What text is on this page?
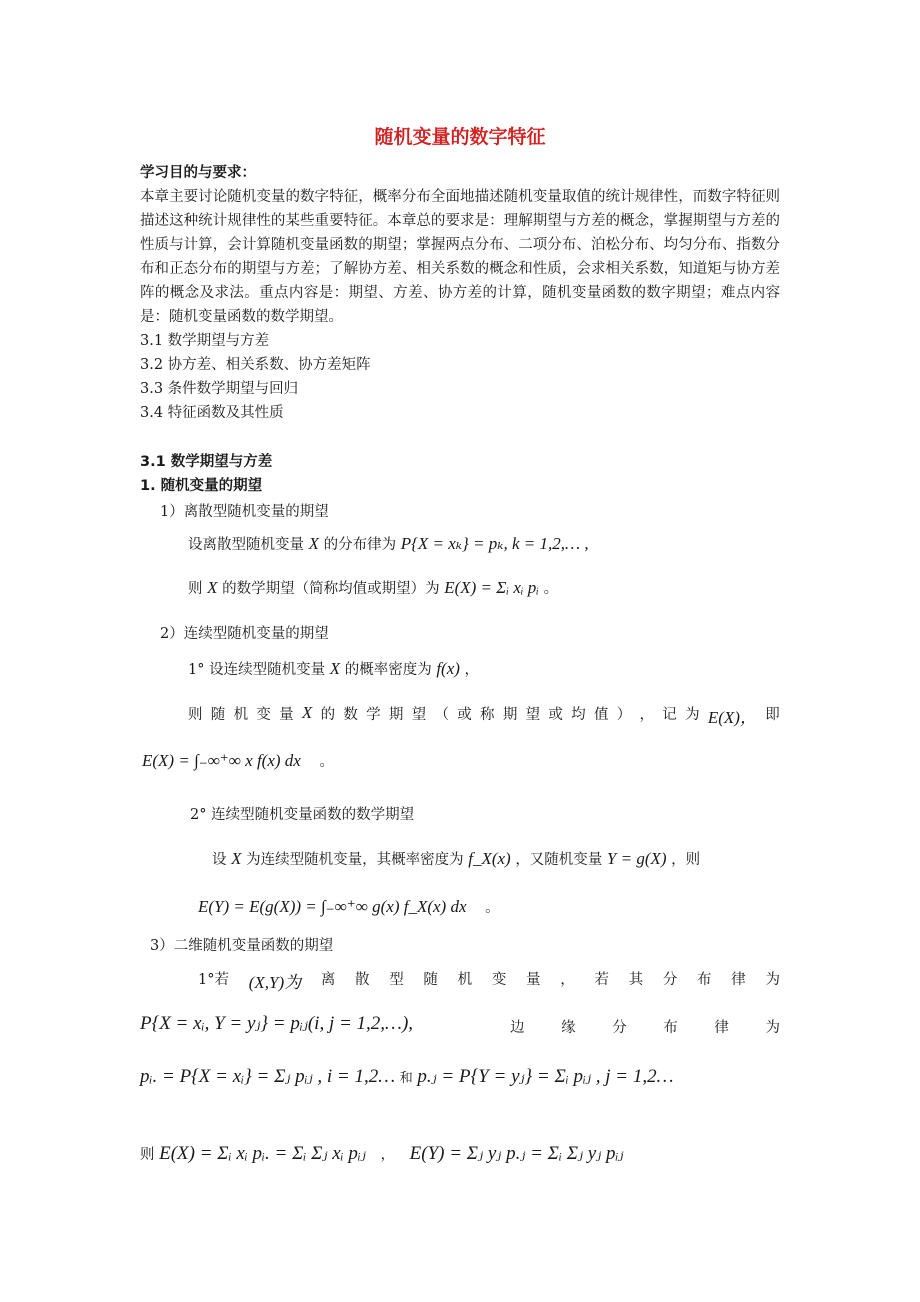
随机变量的数字特征
学习目的与要求：
本章主要讨论随机变量的数字特征，概率分布全面地描述随机变量取值的统计规律性，而数字特征则描述这种统计规律性的某些重要特征。本章总的要求是：理解期望与方差的概念，掌握期望与方差的性质与计算，会计算随机变量函数的期望；掌握两点分布、二项分布、泊松分布、均匀分布、指数分布和正态分布的期望与方差；了解协方差、相关系数的概念和性质，会求相关系数，知道矩与协方差阵的概念及求法。重点内容是：期望、方差、协方差的计算，随机变量函数的数字期望；难点内容是：随机变量函数的数学期望。
3.1 数学期望与方差
3.2 协方差、相关系数、协方差矩阵
3.3 条件数学期望与回归
3.4 特征函数及其性质
3.1 数学期望与方差
1. 随机变量的期望
1）离散型随机变量的期望
设离散型随机变量 X 的分布律为 P{X = xₖ} = pₖ, k = 1,2,… ,
则 X 的数学期望（简称均值或期望）为 E(X) = Σᵢ xᵢ pᵢ 。
2）连续型随机变量的期望
1° 设连续型随机变量 X 的概率密度为 f(x) ，
则 随 机 变 量 X 的 数 学 期 望 （ 或 称 期 望 或 均 值 ） ， 记 为 E(X)， 即
E(X) = ∫₋∞⁺∞ x f(x) dx 。
2° 连续型随机变量函数的数学期望
设 X 为连续型随机变量，其概率密度为 f_X(x) ，又随机变量 Y = g(X) ，则
E(Y) = E(g(X)) = ∫₋∞⁺∞ g(x) f_X(x) dx 。
3）二维随机变量函数的期望
1°若 (X,Y)为 离 散 型 随 机 变 量 ， 若 其 分 布 律 为
P{X = xᵢ, Y = yⱼ} = pᵢⱼ(i, j = 1,2,…),	边	缘	分	布	律	为
pᵢ. = P{X = xᵢ} = Σⱼ pᵢⱼ , i = 1,2… 和 p.ⱼ = P{Y = yⱼ} = Σᵢ pᵢⱼ , j = 1,2…
则 E(X) = Σᵢ xᵢ pᵢ. = Σᵢ Σⱼ xᵢ pᵢⱼ ， E(Y) = Σⱼ yⱼ p.ⱼ = Σᵢ Σⱼ yⱼ pᵢⱼ
